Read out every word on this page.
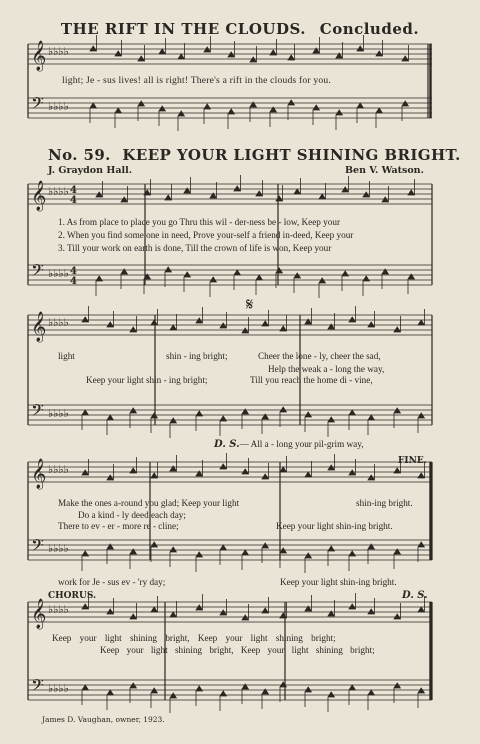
𝄞
𝄢
𝄞
𝄢
𝄞
𝄢
𝄞
𝄢
𝄞
𝄢
♭♭♭♭
♭♭♭♭
♭♭♭♭
♭♭♭♭
♭♭♭♭
♭♭♭♭
♭♭♭♭
♭♭♭♭
♭♭♭♭
♭♭♭♭
4
4
4
4
THE RIFT IN THE CLOUDS. Concluded.
light; Je - sus lives! all is right! There's a rift in the clouds for you.
No. 59. KEEP YOUR LIGHT SHINING BRIGHT.
J. Graydon Hall.	Ben V. Watson.
1. As from place to place you go Thru this wil - der-ness be - low, Keep your
2. When you find some one in need, Prove your-self a friend in-deed, Keep your
3. Till your work on earth is done, Till the crown of life is won, Keep your
𝄋
light	shin - ing bright;	Cheer the lone - ly, cheer the sad,
Help the weak a - long the way,
Keep your light shin - ing bright;	Till you reach the home di - vine,
D. S.— All a - long your pil-grim way,
FINE.
Make the ones a-round you glad; Keep your light	shin-ing bright.
Do a kind - ly deed each day;
There to ev - er - more re - cline;	Keep your light shin-ing bright.
work for Je - sus ev - 'ry day;	Keep your light shin-ing bright.
CHORUS.	D. S.
Keep your light shining bright, Keep your light shining bright;
Keep your light shining bright, Keep your light shining bright;
James D. Vaughan, owner, 1923.
